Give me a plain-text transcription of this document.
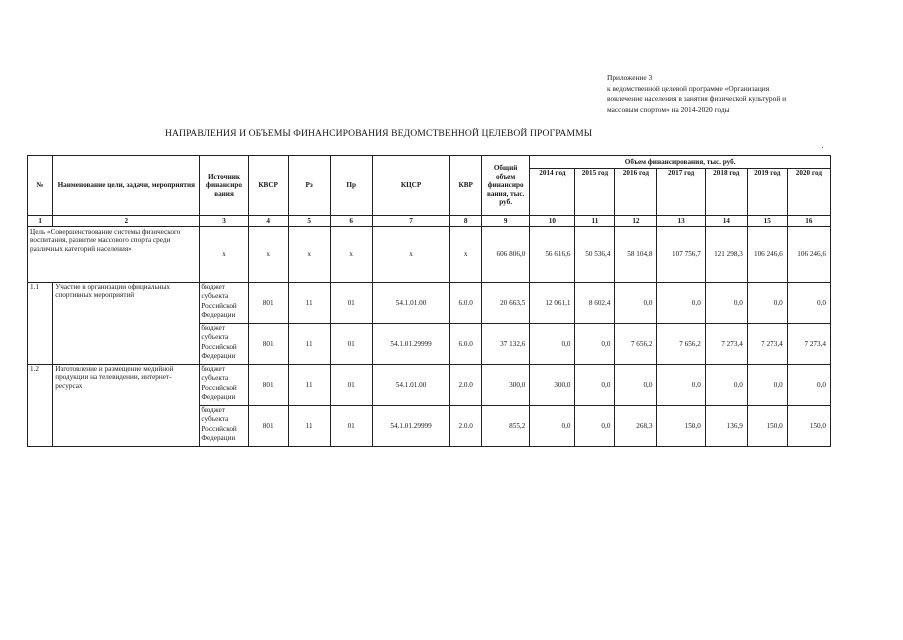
Приложение 3
к ведомственной целевой программе «Организация
вовлечение населения в занятия физической культурой и
массовым спортом» на 2014-2020 годы
НАПРАВЛЕНИЯ И ОБЪЕМЫ ФИНАНСИРОВАНИЯ ВЕДОМСТВЕННОЙ ЦЕЛЕВОЙ ПРОГРАММЫ
№	Наименование цели, задачи, мероприятия	Источник финансиро вания	КВСР	Рз	Пр	КЦСР	КВР	Общий объем финансиро вания, тыс. руб.	Объем финансирования, тыс. руб.						
									2014 год	2015 год	2016 год	2017 год	2018 год	2019 год	2020 год
1	2	3	4	5	6	7	8	9	10	11	12	13	14	15	16
Цель «Совершенствование системы физического воспитания, развитие массового спорта среди различных категорий населения»		х	х	х	х	х	х	606 806,0	56 616,6	50 536,4	58 104,8	107 756,7	121 298,3	106 246,6	106 246,6
1.1	Участие в организации официальных спортивных мероприятий	бюджет субъекта Российской Федерации	801	11	01	54.1.01.00	6.0.0	20 663,5	12 061,1	8 602,4	0,0	0,0	0,0	0,0	0,0
		бюджет субъекта Российской Федерации	801	11	01	54.1.01.29999	6.0.0	37 132,6	0,0	0,0	7 656,2	7 656,2	7 273,4	7 273,4	7 273,4
1.2	Изготовление и размещение медийной продукции на телевидении, интернет-ресурсах	бюджет субъекта Российской Федерации	801	11	01	54.1.01.00	2.0.0	300,0	300,0	0,0	0,0	0,0	0,0	0,0	0,0
		бюджет субъекта Российской Федерации	801	11	01	54.1.01.29999	2.0.0	855,2	0,0	0,0	268,3	150,0	136,9	150,0	150,0
